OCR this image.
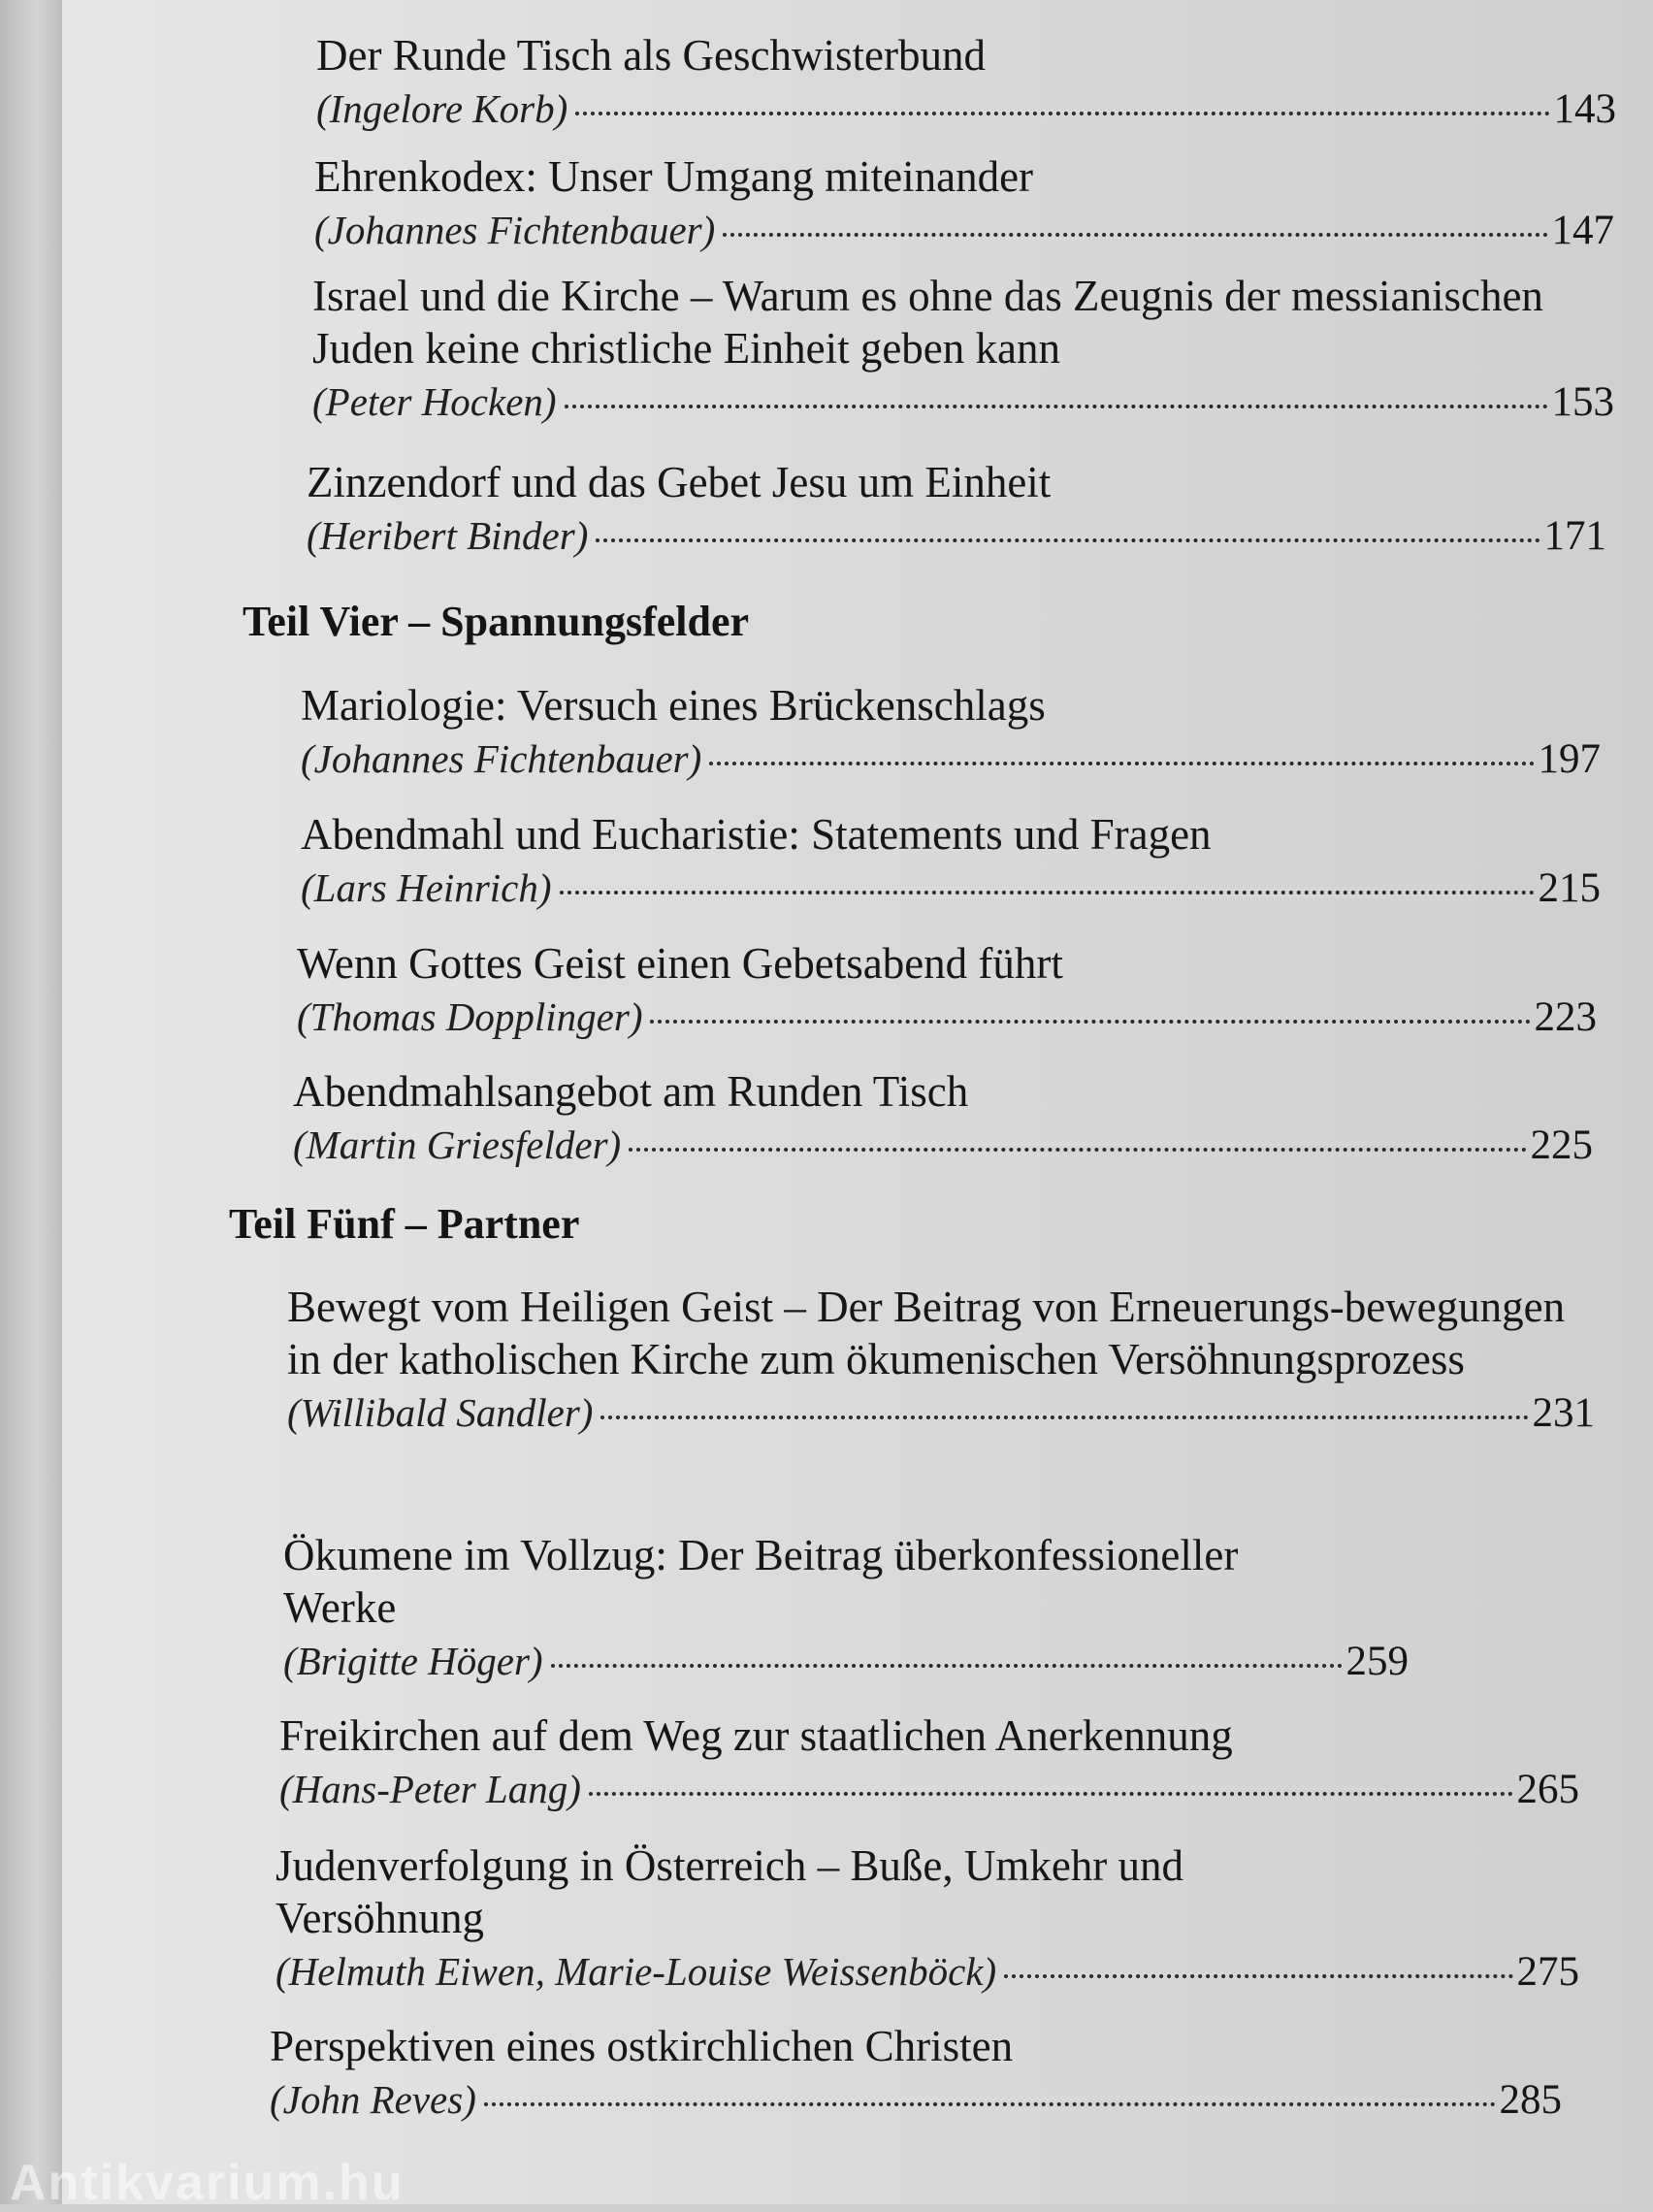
Der Runde Tisch als Geschwisterbund
(Ingelore Korb)	143
Ehrenkodex: Unser Umgang miteinander
(Johannes Fichtenbauer)	147
Israel und die Kirche – Warum es ohne das Zeugnis der messianischen Juden keine christliche Einheit geben kann
(Peter Hocken)	153
Zinzendorf und das Gebet Jesu um Einheit
(Heribert Binder)	171
Teil Vier – Spannungsfelder
Mariologie: Versuch eines Brückenschlags
(Johannes Fichtenbauer)	197
Abendmahl und Eucharistie: Statements und Fragen
(Lars Heinrich)	215
Wenn Gottes Geist einen Gebetsabend führt
(Thomas Dopplinger)	223
Abendmahlsangebot am Runden Tisch
(Martin Griesfelder)	225
Teil Fünf – Partner
Bewegt vom Heiligen Geist – Der Beitrag von Erneuerungs-bewegungen in der katholischen Kirche zum ökumenischen Versöhnungsprozess
(Willibald Sandler)	231
Ökumene im Vollzug: Der Beitrag überkonfessioneller Werke
(Brigitte Höger)	259
Freikirchen auf dem Weg zur staatlichen Anerkennung
(Hans-Peter Lang)	265
Judenverfolgung in Österreich – Buße, Umkehr und Versöhnung
(Helmuth Eiwen, Marie-Louise Weissenböck)	275
Perspektiven eines ostkirchlichen Christen
(John Reves)	285
Antikvarium.hu
